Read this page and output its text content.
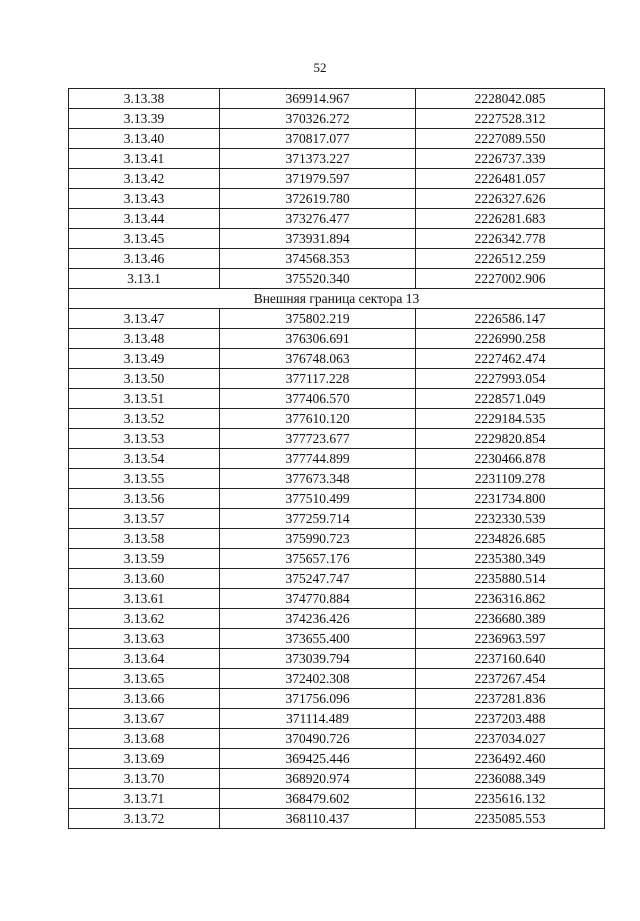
52
3.13.38	369914.967	2228042.085
3.13.39	370326.272	2227528.312
3.13.40	370817.077	2227089.550
3.13.41	371373.227	2226737.339
3.13.42	371979.597	2226481.057
3.13.43	372619.780	2226327.626
3.13.44	373276.477	2226281.683
3.13.45	373931.894	2226342.778
3.13.46	374568.353	2226512.259
3.13.1	375520.340	2227002.906
Внешняя граница сектора 13		
3.13.47	375802.219	2226586.147
3.13.48	376306.691	2226990.258
3.13.49	376748.063	2227462.474
3.13.50	377117.228	2227993.054
3.13.51	377406.570	2228571.049
3.13.52	377610.120	2229184.535
3.13.53	377723.677	2229820.854
3.13.54	377744.899	2230466.878
3.13.55	377673.348	2231109.278
3.13.56	377510.499	2231734.800
3.13.57	377259.714	2232330.539
3.13.58	375990.723	2234826.685
3.13.59	375657.176	2235380.349
3.13.60	375247.747	2235880.514
3.13.61	374770.884	2236316.862
3.13.62	374236.426	2236680.389
3.13.63	373655.400	2236963.597
3.13.64	373039.794	2237160.640
3.13.65	372402.308	2237267.454
3.13.66	371756.096	2237281.836
3.13.67	371114.489	2237203.488
3.13.68	370490.726	2237034.027
3.13.69	369425.446	2236492.460
3.13.70	368920.974	2236088.349
3.13.71	368479.602	2235616.132
3.13.72	368110.437	2235085.553
